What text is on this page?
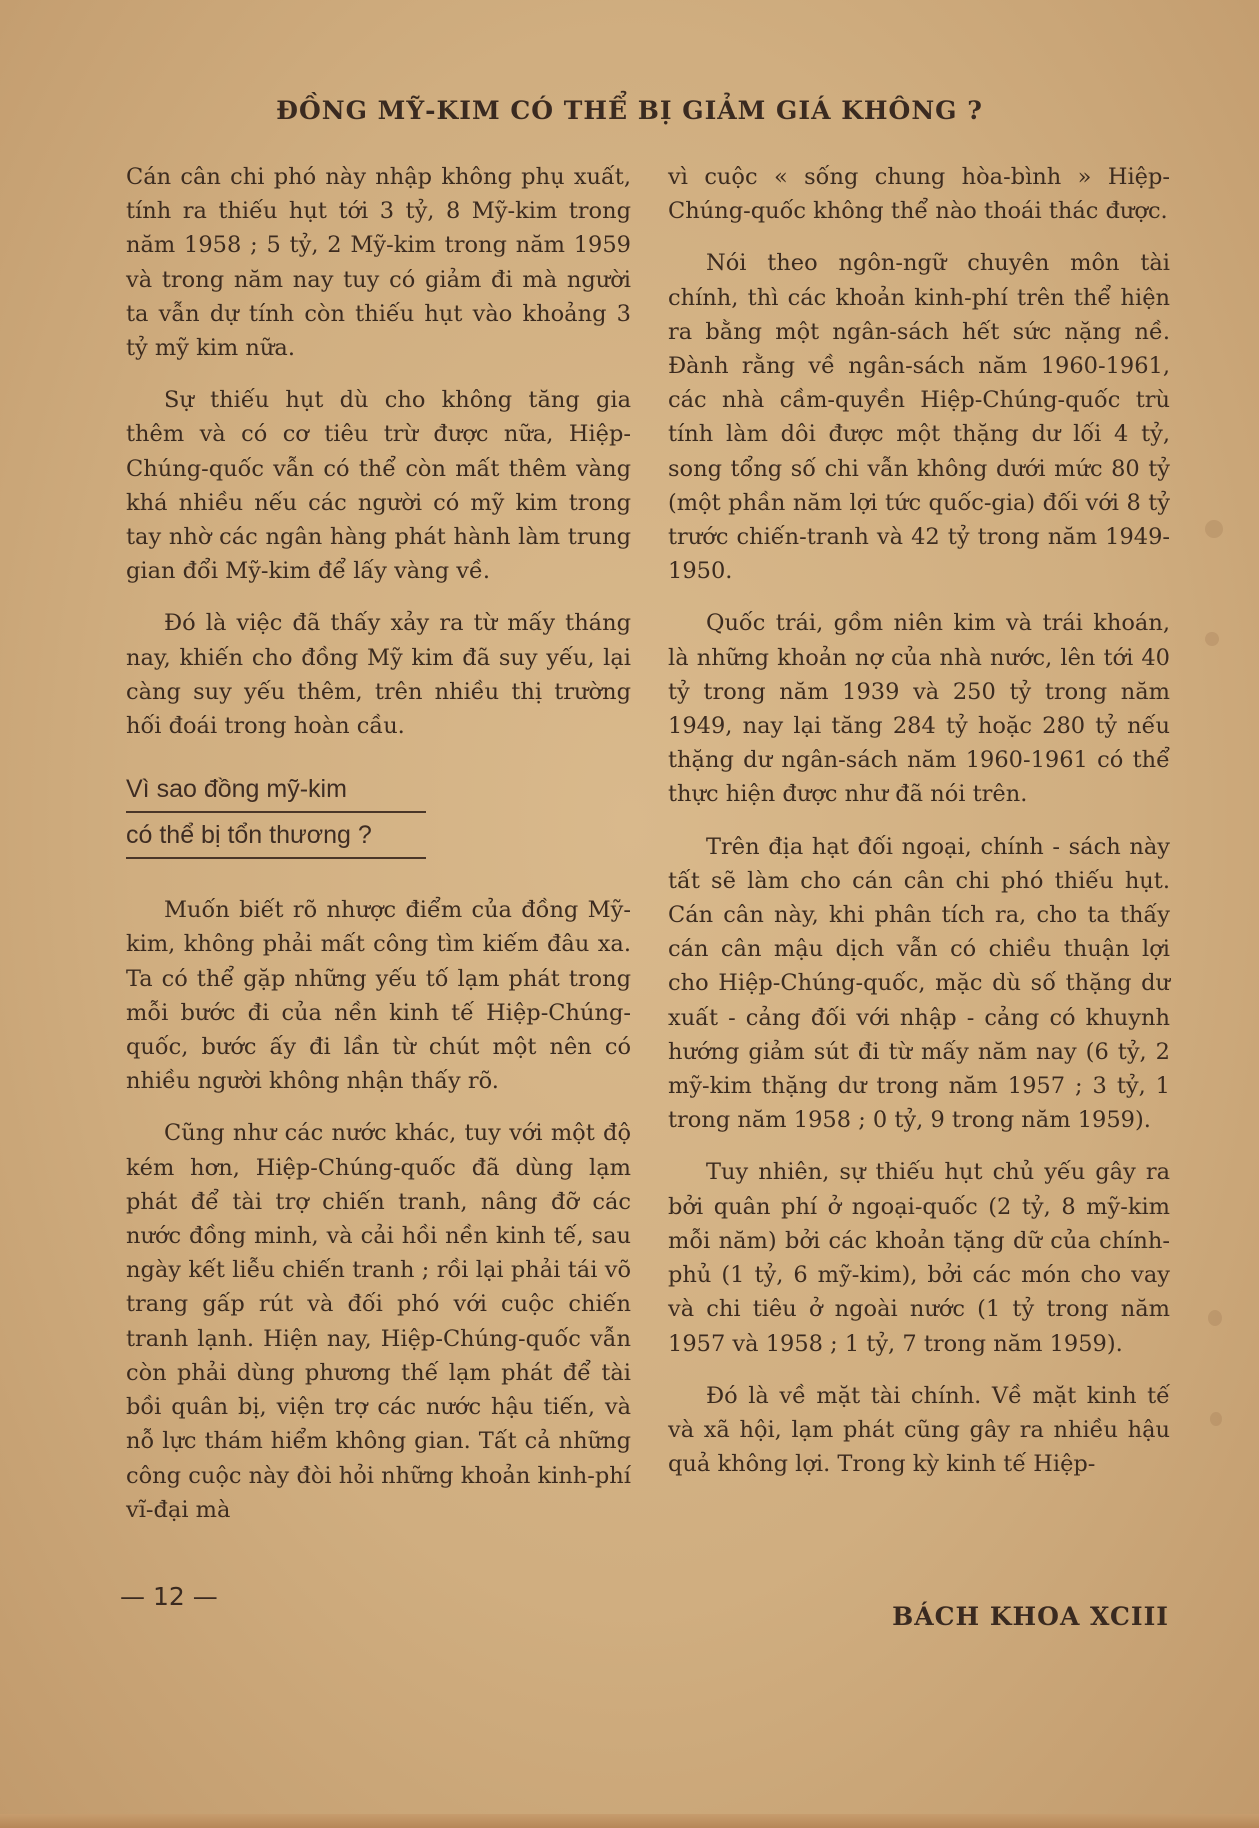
ĐỒNG MỸ-KIM CÓ THỂ BỊ GIẢM GIÁ KHÔNG ?

Cán cân chi phó này nhập không phụ xuất, tính ra thiếu hụt tới 3 tỷ, 8 Mỹ-kim trong năm 1958 ; 5 tỷ, 2 Mỹ-kim trong năm 1959 và trong năm nay tuy có giảm đi mà người ta vẫn dự tính còn thiếu hụt vào khoảng 3 tỷ mỹ kim nữa.

Sự thiếu hụt dù cho không tăng gia thêm và có cơ tiêu trừ được nữa, Hiệp-Chúng-quốc vẫn có thể còn mất thêm vàng khá nhiều nếu các người có mỹ kim trong tay nhờ các ngân hàng phát hành làm trung gian đổi Mỹ-kim để lấy vàng về.

Đó là việc đã thấy xảy ra từ mấy tháng nay, khiến cho đồng Mỹ kim đã suy yếu, lại càng suy yếu thêm, trên nhiều thị trường hối đoái trong hoàn cầu.

Vì sao đồng mỹ-kim
có thể bị tổn thương ?

Muốn biết rõ nhược điểm của đồng Mỹ-kim, không phải mất công tìm kiếm đâu xa. Ta có thể gặp những yếu tố lạm phát trong mỗi bước đi của nền kinh tế Hiệp-Chúng-quốc, bước ấy đi lần từ chút một nên có nhiều người không nhận thấy rõ.

Cũng như các nước khác, tuy với một độ kém hơn, Hiệp-Chúng-quốc đã dùng lạm phát để tài trợ chiến tranh, nâng đỡ các nước đồng minh, và cải hồi nền kinh tế, sau ngày kết liễu chiến tranh ; rồi lại phải tái võ trang gấp rút và đối phó với cuộc chiến tranh lạnh. Hiện nay, Hiệp-Chúng-quốc vẫn còn phải dùng phương thế lạm phát để tài bồi quân bị, viện trợ các nước hậu tiến, và nỗ lực thám hiểm không gian. Tất cả những công cuộc này đòi hỏi những khoản kinh-phí vĩ-đại mà

vì cuộc « sống chung hòa-bình » Hiệp-Chúng-quốc không thể nào thoái thác được.

Nói theo ngôn-ngữ chuyên môn tài chính, thì các khoản kinh-phí trên thể hiện ra bằng một ngân-sách hết sức nặng nề. Đành rằng về ngân-sách năm 1960-1961, các nhà cầm-quyền Hiệp-Chúng-quốc trù tính làm dôi được một thặng dư lối 4 tỷ, song tổng số chi vẫn không dưới mức 80 tỷ (một phần năm lợi tức quốc-gia) đối với 8 tỷ trước chiến-tranh và 42 tỷ trong năm 1949-1950.

Quốc trái, gồm niên kim và trái khoán, là những khoản nợ của nhà nước, lên tới 40 tỷ trong năm 1939 và 250 tỷ trong năm 1949, nay lại tăng 284 tỷ hoặc 280 tỷ nếu thặng dư ngân-sách năm 1960-1961 có thể thực hiện được như đã nói trên.

Trên địa hạt đối ngoại, chính - sách này tất sẽ làm cho cán cân chi phó thiếu hụt. Cán cân này, khi phân tích ra, cho ta thấy cán cân mậu dịch vẫn có chiều thuận lợi cho Hiệp-Chúng-quốc, mặc dù số thặng dư xuất - cảng đối với nhập - cảng có khuynh hướng giảm sút đi từ mấy năm nay (6 tỷ, 2 mỹ-kim thặng dư trong năm 1957 ; 3 tỷ, 1 trong năm 1958 ; 0 tỷ, 9 trong năm 1959).

Tuy nhiên, sự thiếu hụt chủ yếu gây ra bởi quân phí ở ngoại-quốc (2 tỷ, 8 mỹ-kim mỗi năm) bởi các khoản tặng dữ của chính-phủ (1 tỷ, 6 mỹ-kim), bởi các món cho vay và chi tiêu ở ngoài nước (1 tỷ trong năm 1957 và 1958 ; 1 tỷ, 7 trong năm 1959).

Đó là về mặt tài chính. Về mặt kinh tế và xã hội, lạm phát cũng gây ra nhiều hậu quả không lợi. Trong kỳ kinh tế Hiệp-

— 12 —
BÁCH KHOA XCIII
